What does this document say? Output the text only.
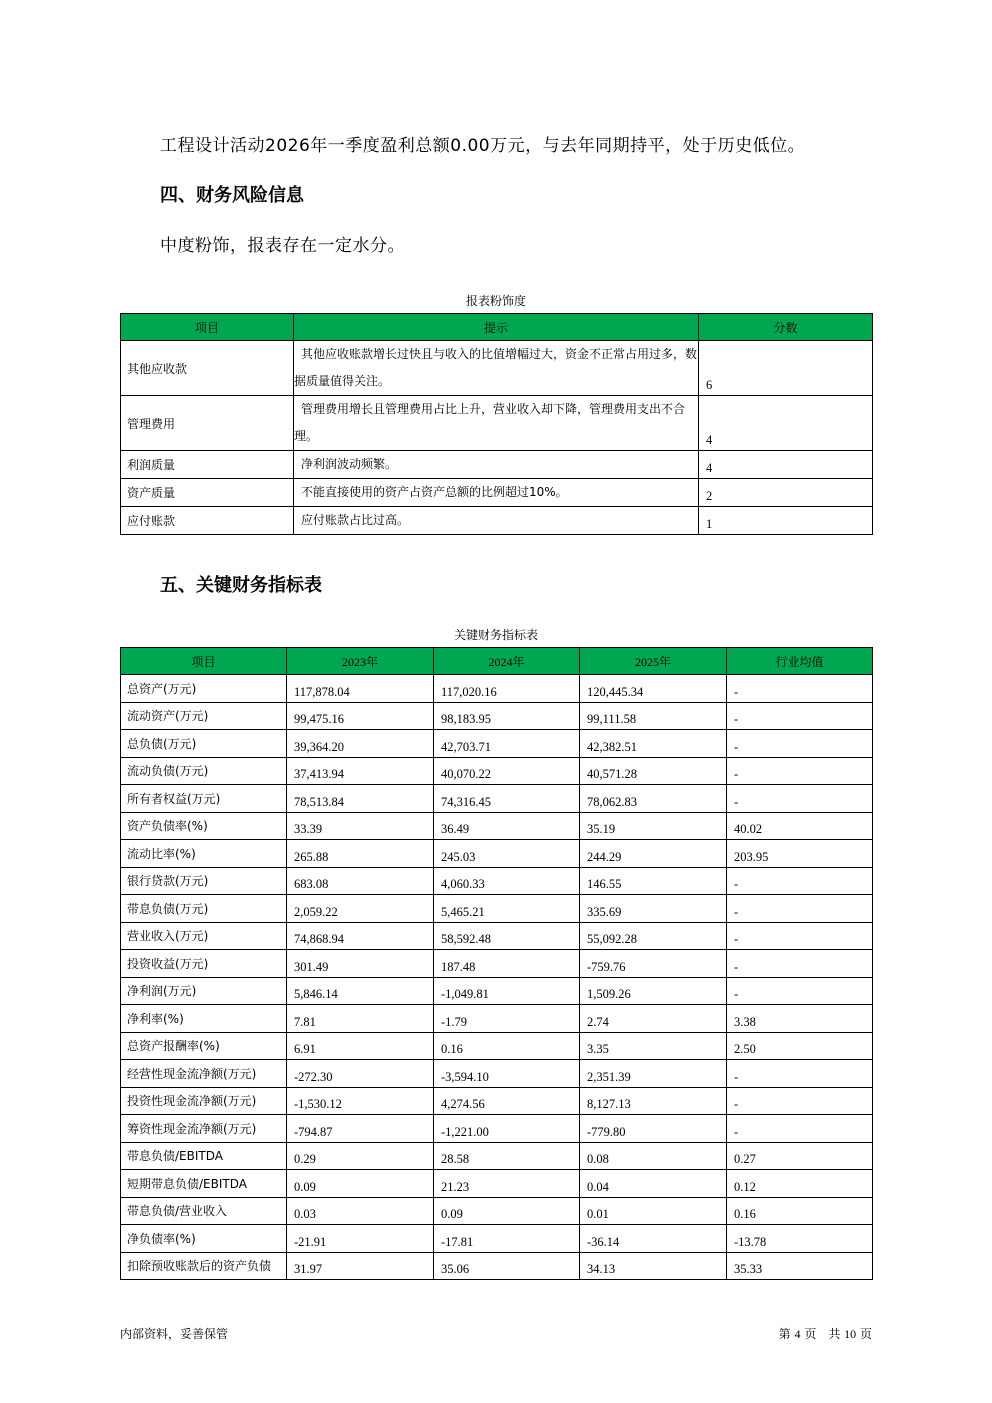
工程设计活动2026年一季度盈利总额0.00万元，与去年同期持平，处于历史低位。
四、财务风险信息
中度粉饰，报表存在一定水分。
报表粉饰度
项目	提示	分数
其他应收款	其他应收账款增长过快且与收入的比值增幅过大，资金不正常占用过多，数据质量值得关注。	6
管理费用	管理费用增长且管理费用占比上升，营业收入却下降，管理费用支出不合理。	4
利润质量	净利润波动频繁。	4
资产质量	不能直接使用的资产占资产总额的比例超过10%。	2
应付账款	应付账款占比过高。	1
五、关键财务指标表
关键财务指标表
项目	2023年	2024年	2025年	行业均值
总资产(万元)	117,878.04	117,020.16	120,445.34	-
流动资产(万元)	99,475.16	98,183.95	99,111.58	-
总负债(万元)	39,364.20	42,703.71	42,382.51	-
流动负债(万元)	37,413.94	40,070.22	40,571.28	-
所有者权益(万元)	78,513.84	74,316.45	78,062.83	-
资产负债率(%)	33.39	36.49	35.19	40.02
流动比率(%)	265.88	245.03	244.29	203.95
银行贷款(万元)	683.08	4,060.33	146.55	-
带息负债(万元)	2,059.22	5,465.21	335.69	-
营业收入(万元)	74,868.94	58,592.48	55,092.28	-
投资收益(万元)	301.49	187.48	-759.76	-
净利润(万元)	5,846.14	-1,049.81	1,509.26	-
净利率(%)	7.81	-1.79	2.74	3.38
总资产报酬率(%)	6.91	0.16	3.35	2.50
经营性现金流净额(万元)	-272.30	-3,594.10	2,351.39	-
投资性现金流净额(万元)	-1,530.12	4,274.56	8,127.13	-
筹资性现金流净额(万元)	-794.87	-1,221.00	-779.80	-
带息负债/EBITDA	0.29	28.58	0.08	0.27
短期带息负债/EBITDA	0.09	21.23	0.04	0.12
带息负债/营业收入	0.03	0.09	0.01	0.16
净负债率(%)	-21.91	-17.81	-36.14	-13.78
扣除预收账款后的资产负债	31.97	35.06	34.13	35.33
内部资料，妥善保管	第 4 页　共 10 页
